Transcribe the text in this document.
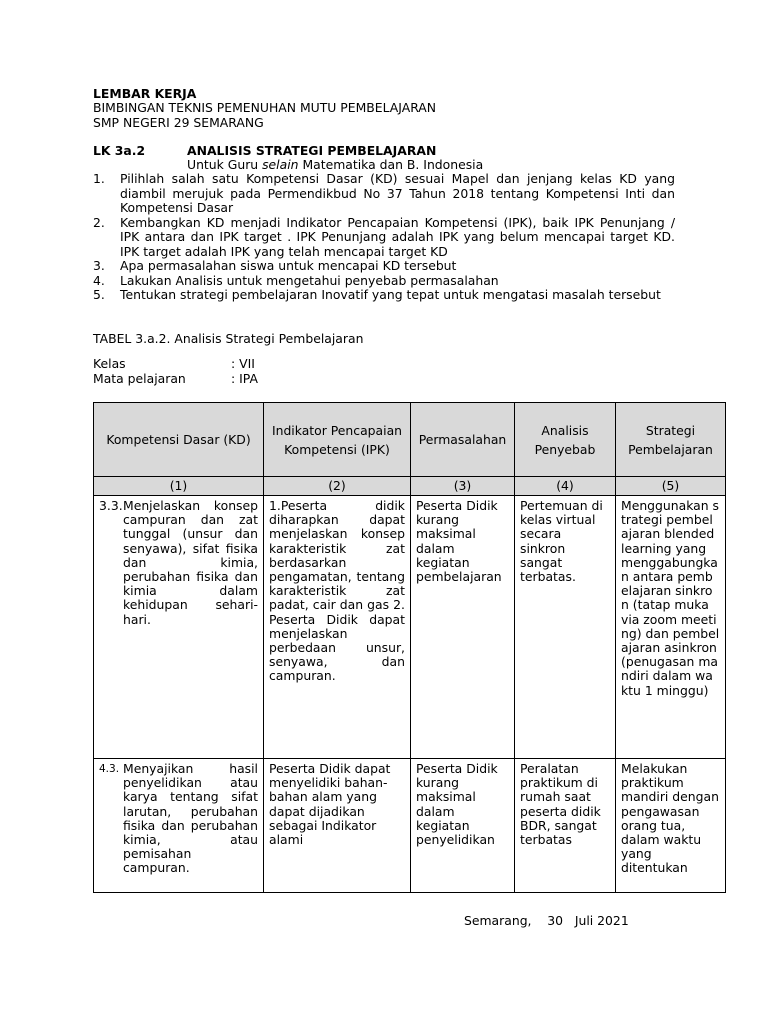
LEMBAR KERJA
BIMBINGAN TEKNIS PEMENUHAN MUTU PEMBELAJARAN
SMP NEGERI 29 SEMARANG
LK 3a.2	ANALISIS STRATEGI PEMBELAJARAN
Untuk Guru selain Matematika dan B. Indonesia
1. Pilihlah salah satu Kompetensi Dasar (KD) sesuai Mapel dan jenjang kelas KD yang diambil merujuk pada Permendikbud No 37 Tahun 2018 tentang Kompetensi Inti dan Kompetensi Dasar
2. Kembangkan KD menjadi Indikator Pencapaian Kompetensi (IPK), baik IPK Penunjang / IPK antara dan IPK target . IPK Penunjang adalah IPK yang belum mencapai target KD. IPK target adalah IPK yang telah mencapai target KD
3. Apa permasalahan siswa untuk mencapai KD tersebut
4. Lakukan Analisis untuk mengetahui penyebab permasalahan
5. Tentukan strategi pembelajaran Inovatif yang tepat untuk mengatasi masalah tersebut
TABEL 3.a.2. Analisis Strategi Pembelajaran
Kelas	: VII
Mata pelajaran	: IPA
Kompetensi Dasar (KD)	Indikator Pencapaian Kompetensi (IPK)	Permasalahan	Analisis Penyebab	Strategi Pembelajaran
(1)	(2)	(3)	(4)	(5)

3.3. Menjelaskan konsep campuran dan zat tunggal (unsur dan senyawa), sifat fisika dan kimia, perubahan fisika dan kimia dalam kehidupan sehari-hari.	1.Peserta didik diharapkan dapat menjelaskan konsep karakteristik zat berdasarkan pengamatan, tentang karakteristik zat padat, cair dan gas 2. Peserta Didik dapat menjelaskan perbedaan unsur, senyawa, dan campuran.	Peserta Didik kurang maksimal dalam kegiatan pembelajaran	Pertemuan di kelas virtual secara sinkron sangat terbatas.	Menggunakan strategi pembelajaran blended learning yang menggabungkan antara pembelajaran sinkron (tatap muka via zoom meeting) dan pembelajaran asinkron (penugasan mandiri dalam waktu 1 minggu)

4.3. Menyajikan hasil penyelidikan atau karya tentang sifat larutan, perubahan fisika dan perubahan kimia, atau pemisahan campuran.	Peserta Didik dapat menyelidiki bahan-bahan alam yang dapat dijadikan sebagai Indikator alami	Peserta Didik kurang maksimal dalam kegiatan penyelidikan	Peralatan praktikum di rumah saat peserta didik BDR, sangat terbatas	Melakukan praktikum mandiri dengan pengawasan orang tua, dalam waktu yang ditentukan
Semarang,    30   Juli 2021
